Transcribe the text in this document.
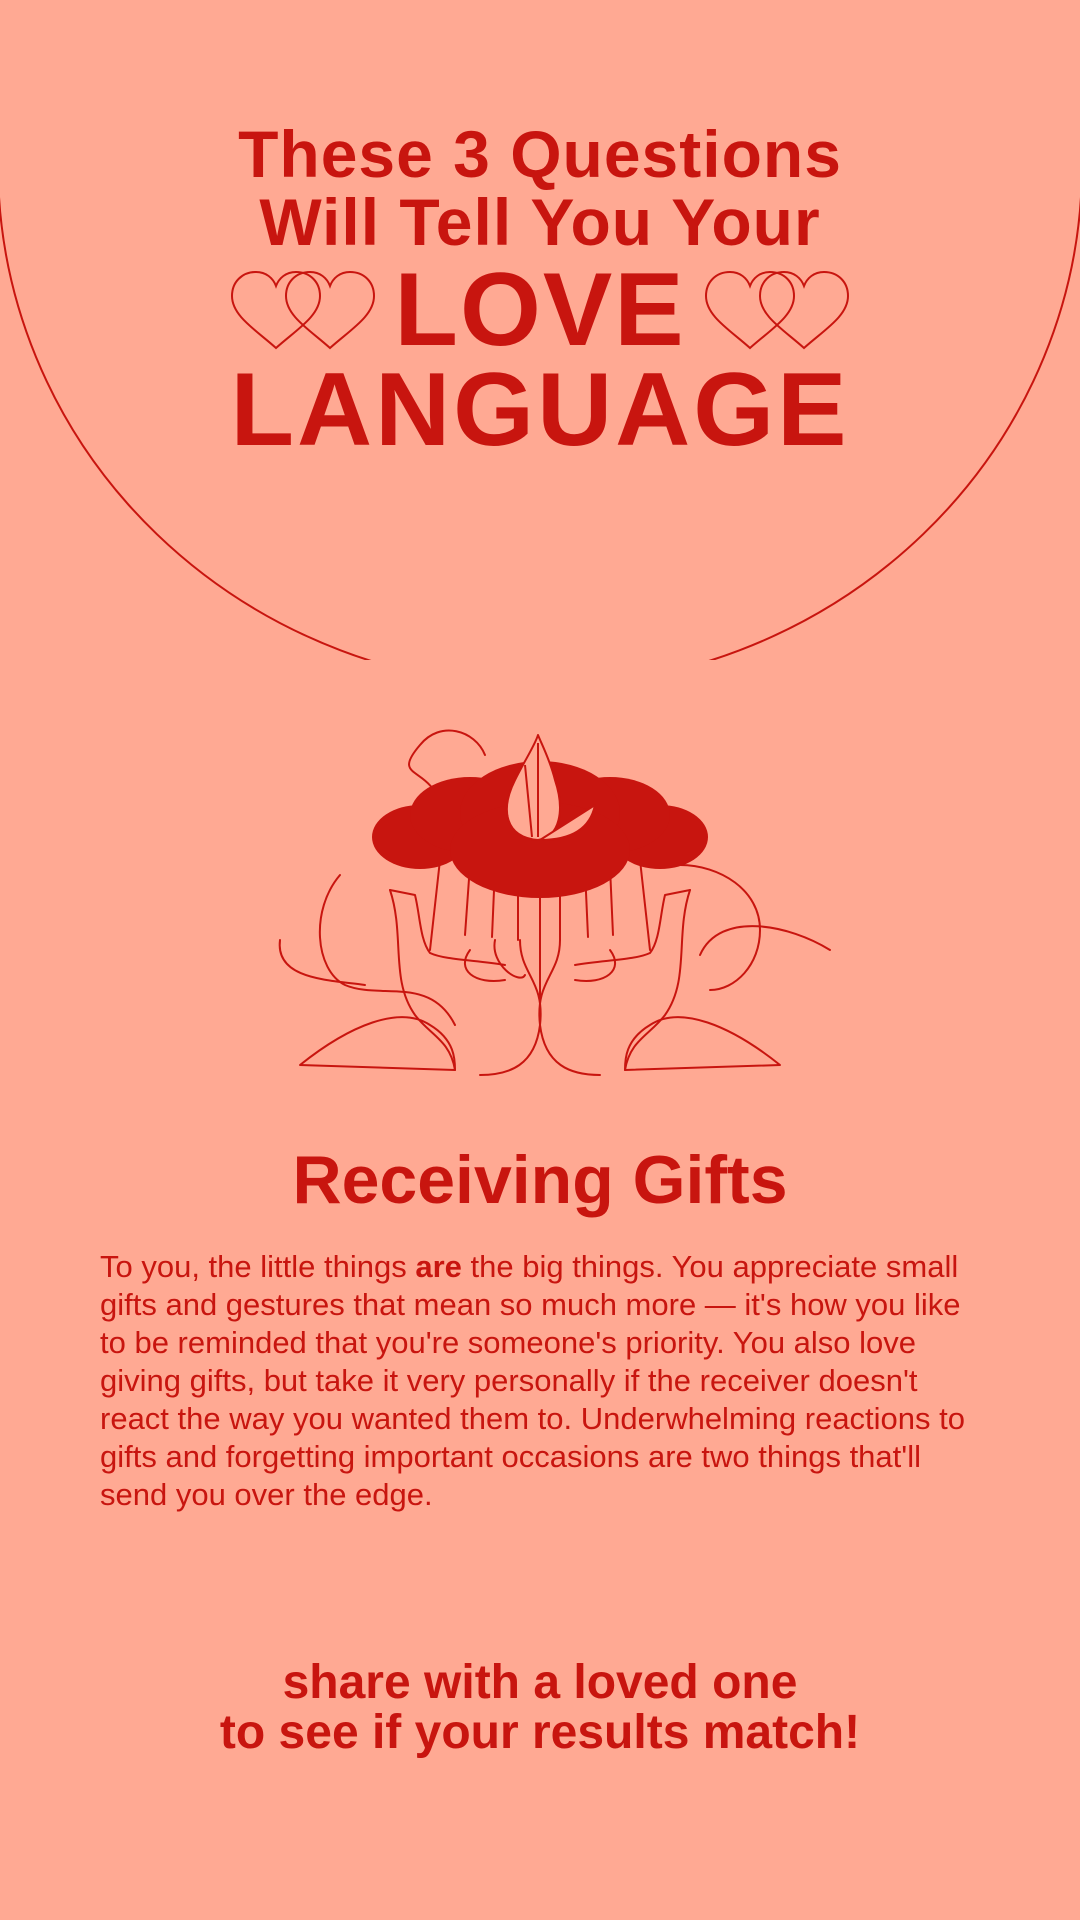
These 3 Questions
Will Tell You Your
LOVE
LANGUAGE
Receiving Gifts

To you, the little things are the big things. You appreciate small gifts and gestures that mean so much more — it's how you like to be reminded that you're someone's priority. You also love giving gifts, but take it very personally if the receiver doesn't react the way you wanted them to. Underwhelming reactions to gifts and forgetting important occasions are two things that'll send you over the edge.

share with a loved one
to see if your results match!
